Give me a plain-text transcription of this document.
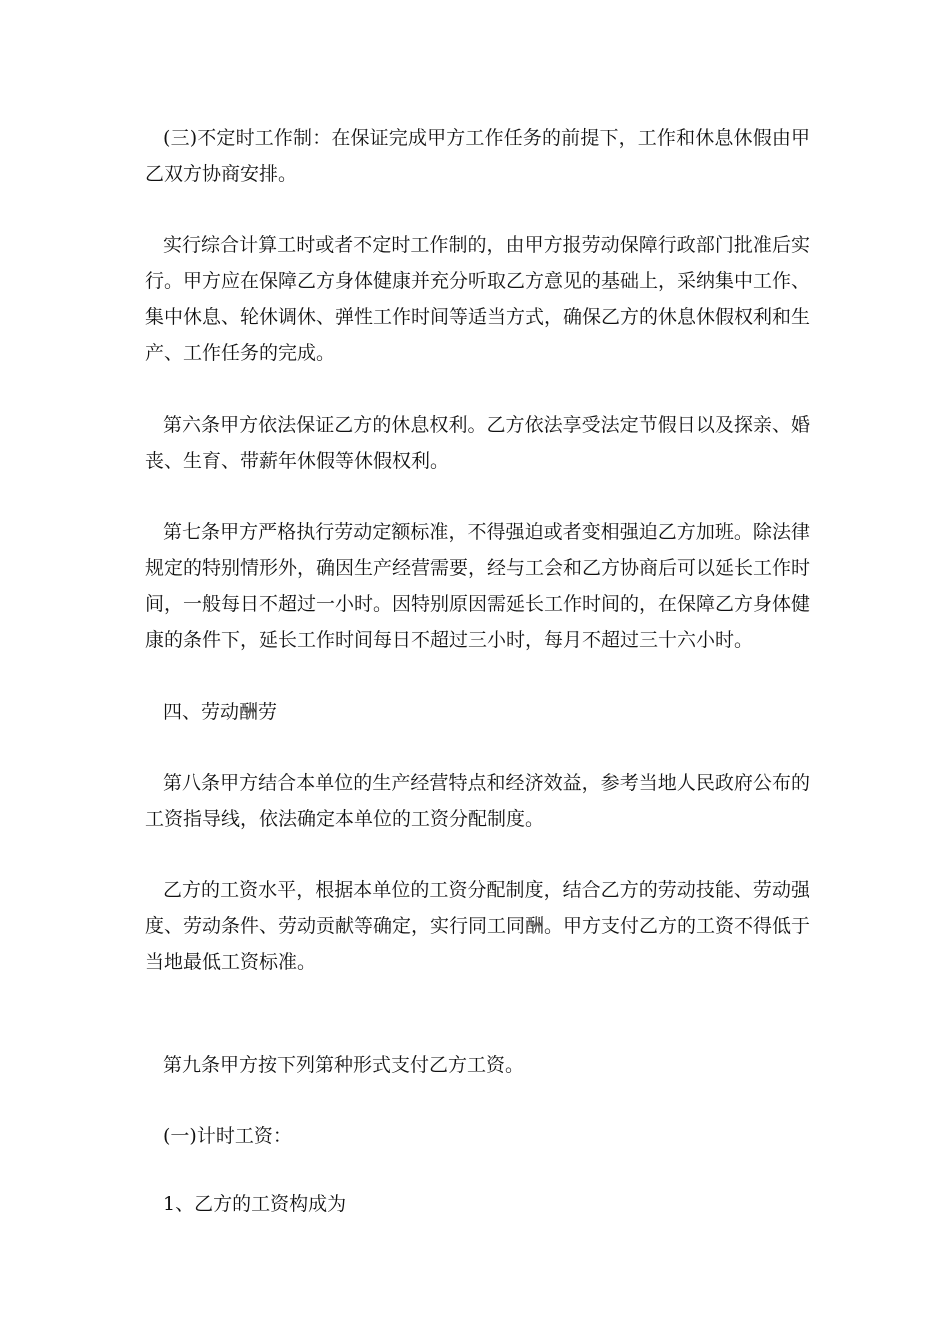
(三)不定时工作制：在保证完成甲方工作任务的前提下，工作和休息休假由甲乙双方协商安排。

实行综合计算工时或者不定时工作制的，由甲方报劳动保障行政部门批准后实行。甲方应在保障乙方身体健康并充分听取乙方意见的基础上，采纳集中工作、集中休息、轮休调休、弹性工作时间等适当方式，确保乙方的休息休假权利和生产、工作任务的完成。

第六条甲方依法保证乙方的休息权利。乙方依法享受法定节假日以及探亲、婚丧、生育、带薪年休假等休假权利。

第七条甲方严格执行劳动定额标准，不得强迫或者变相强迫乙方加班。除法律规定的特别情形外，确因生产经营需要，经与工会和乙方协商后可以延长工作时间，一般每日不超过一小时。因特别原因需延长工作时间的，在保障乙方身体健康的条件下，延长工作时间每日不超过三小时，每月不超过三十六小时。

四、劳动酬劳

第八条甲方结合本单位的生产经营特点和经济效益，参考当地人民政府公布的工资指导线，依法确定本单位的工资分配制度。

乙方的工资水平，根据本单位的工资分配制度，结合乙方的劳动技能、劳动强度、劳动条件、劳动贡献等确定，实行同工同酬。甲方支付乙方的工资不得低于当地最低工资标准。

第九条甲方按下列第种形式支付乙方工资。

(一)计时工资：

1、乙方的工资构成为
